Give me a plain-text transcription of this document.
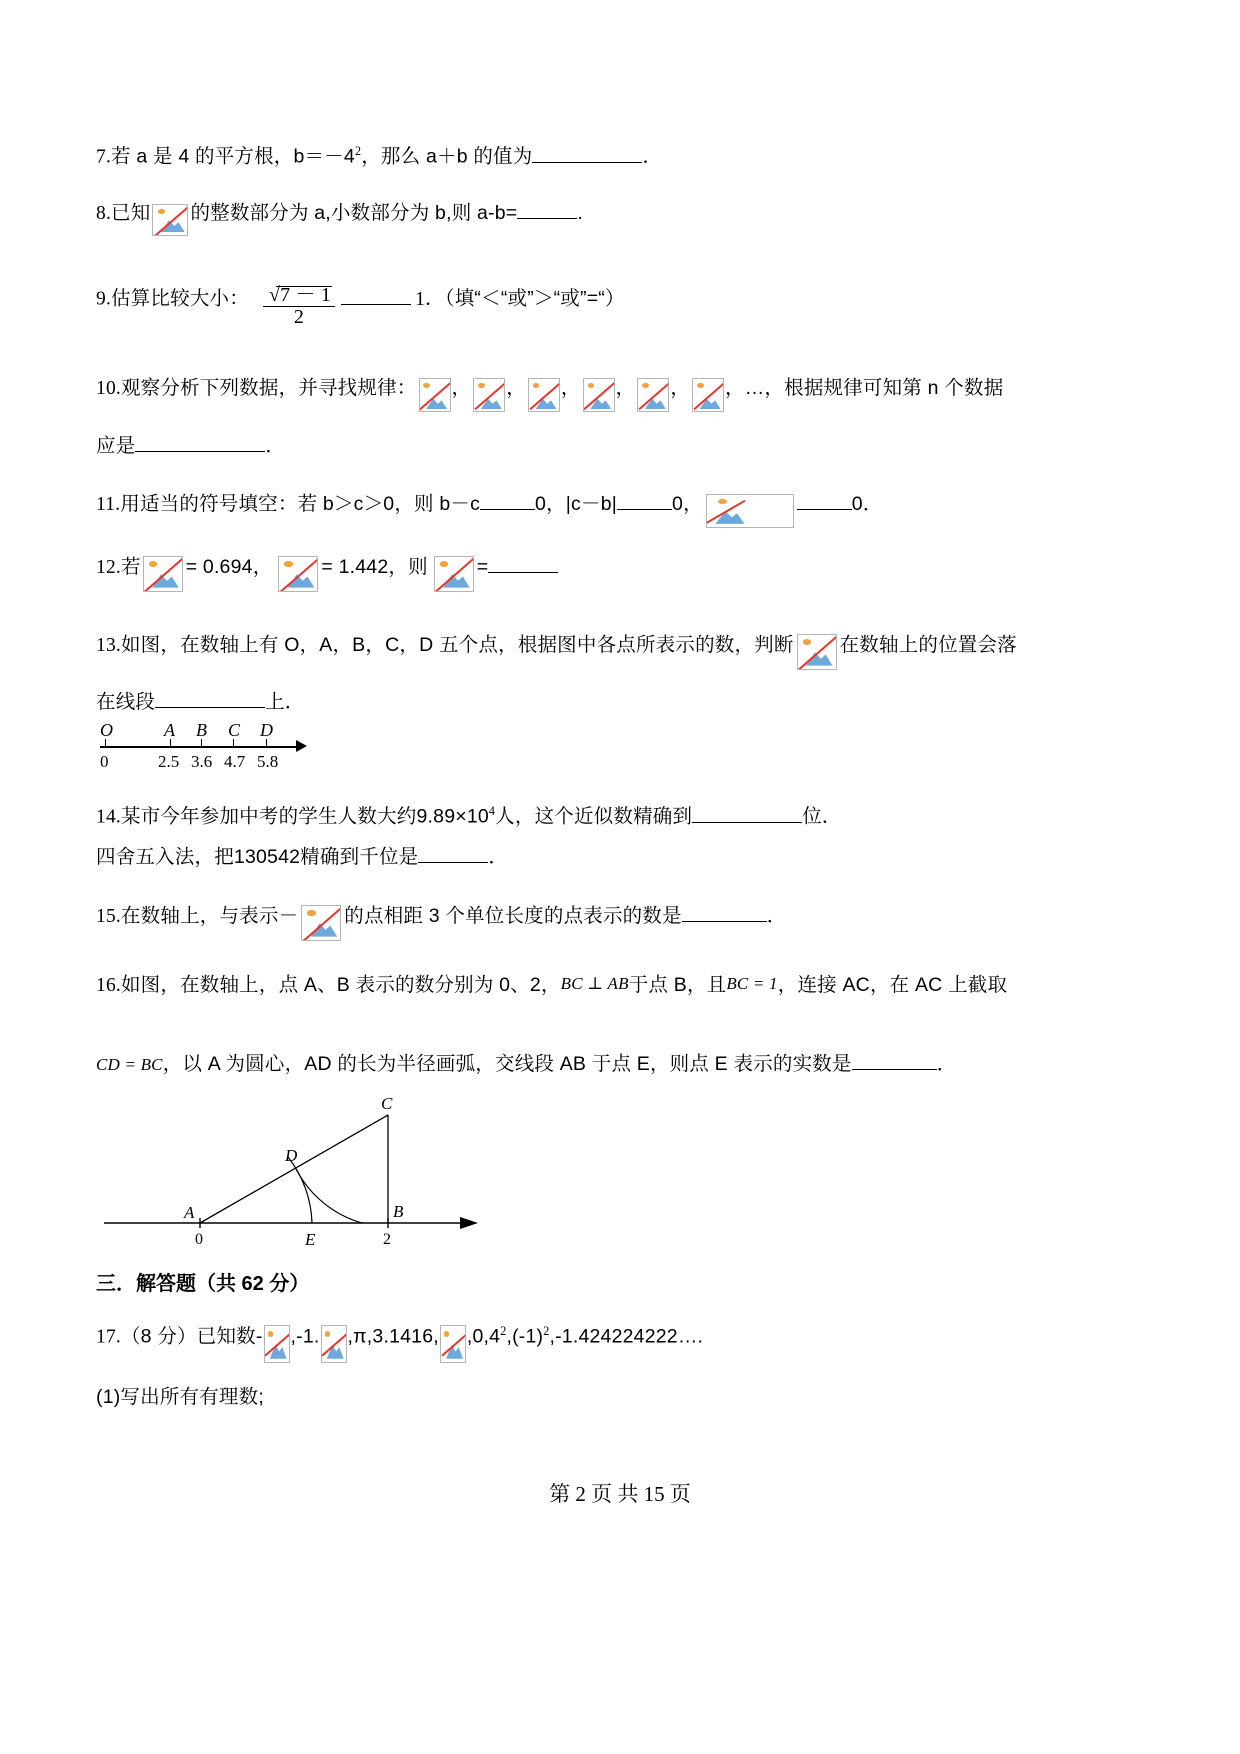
7.若 a 是 4 的平方根，$b=-4^2$，那么 a＋b 的值为	．
8.已知 的整数部分为 a,小数部分为 b,则 a-b=	.
9.估算比较大小： √
7 － 1
2	1．（填“＜“或”＞“或”=“）
10.观察分析下列数据，并寻找规律： ， ， ， ， ， ，…，根据规律可知第 n 个数据
应是	．
11.用适当的符号填空：若 b＞c＞0，则 b－c	0，|c－b|	0，	0．
12.若 = 0.694，	= 1.442，则	=
13.如图，在数轴上有 O，A，B，C，D 五个点，根据图中各点所表示的数，判断 在数轴上的位置会落
在线段	上．
O	A B C D
0	2.5 3.6 4.7 5.8
14.某市今年参加中考的学生人数大约$9.89\times 10^4$人，这个近似数精确到	位．
四舍五入法，把130542精确到千位是	．
15.在数轴上，与表示－ 的点相距 3 个单位长度的点表示的数是	．
16.如图，在数轴上，点 A、B 表示的数分别为 0、2，BC ⊥ AB于点 B，且BC = 1，连接 AC，在 AC 上截取
CD = BC，以 A 为圆心，AD 的长为半径画弧，交线段 AB 于点 E，则点 E 表示的实数是	．
A	B
C
D
E
0	2
三．解答题（共 62 分）
17.（8 分）已知数- ,-1. ,π,3.1416, $,0,4^2,(-1)^2,-1.424224222\dots$.
(1)写出所有有理数;
第 2 页 共 15 页
